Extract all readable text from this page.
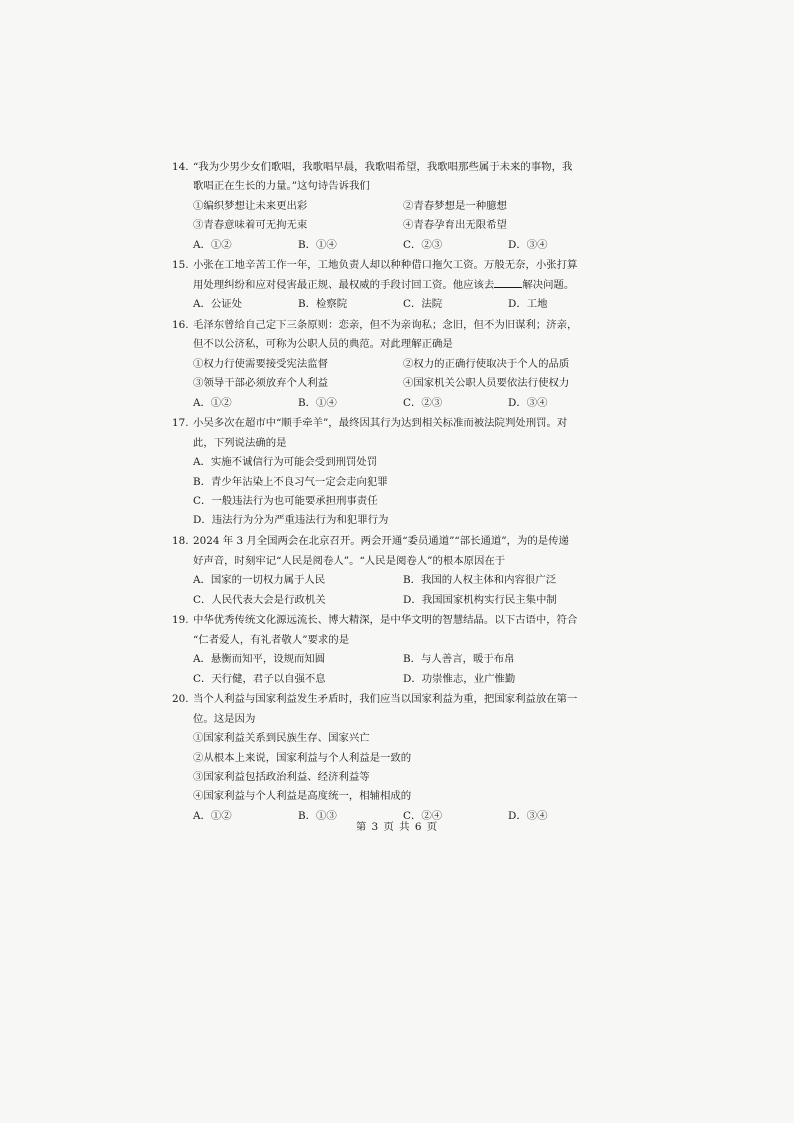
14. “我为少男少女们歌唱，我歌唱早晨，我歌唱希望，我歌唱那些属于未来的事物，我
歌唱正在生长的力量。”这句诗告诉我们
①编织梦想让未来更出彩	②青春梦想是一种臆想
③青春意味着可无拘无束	④青春孕育出无限希望
A．①②	B．①④	C．②③	D．③④
15. 小张在工地辛苦工作一年，工地负责人却以种种借口拖欠工资。万般无奈，小张打算
用处理纠纷和应对侵害最正规、最权威的手段讨回工资。他应该去	解决问题。
A．公证处	B．检察院	C．法院	D．工地
16. 毛泽东曾给自己定下三条原则：恋亲，但不为亲询私；念旧，但不为旧谋利；济亲，
但不以公济私，可称为公职人员的典范。对此理解正确是
①权力行使需要接受宪法监督	②权力的正确行使取决于个人的品质
③领导干部必须放弃个人利益	④国家机关公职人员要依法行使权力
A．①②	B．①④	C．②③	D．③④
17. 小吴多次在超市中“顺手牵羊”，最终因其行为达到相关标准而被法院判处刑罚。对
此，下列说法确的是
A．实施不诚信行为可能会受到刑罚处罚
B．青少年沾染上不良习气一定会走向犯罪
C．一般违法行为也可能要承担刑事责任
D．违法行为分为严重违法行为和犯罪行为
18. 2024 年 3 月全国两会在北京召开。两会开通“委员通道”“部长通道”，为的是传递
好声音，时刻牢记“人民是阅卷人”。“人民是阅卷人”的根本原因在于
A．国家的一切权力属于人民	B．我国的人权主体和内容很广泛
C．人民代表大会是行政机关	D．我国国家机构实行民主集中制
19. 中华优秀传统文化源远流长、博大精深，是中华文明的智慧结晶。以下古语中，符合
“仁者爱人，有礼者敬人”要求的是
A．悬衡而知平，设规而知圆	B．与人善言，暖于布帛
C．天行健，君子以自强不息	D．功崇惟志，业广惟勤
20. 当个人利益与国家利益发生矛盾时，我们应当以国家利益为重，把国家利益放在第一
位。这是因为
①国家利益关系到民族生存、国家兴亡
②从根本上来说，国家利益与个人利益是一致的
③国家利益包括政治利益、经济利益等
④国家利益与个人利益是高度统一，相辅相成的
A．①②	B．①③	C．②④	D．③④
第 3 页 共 6 页
